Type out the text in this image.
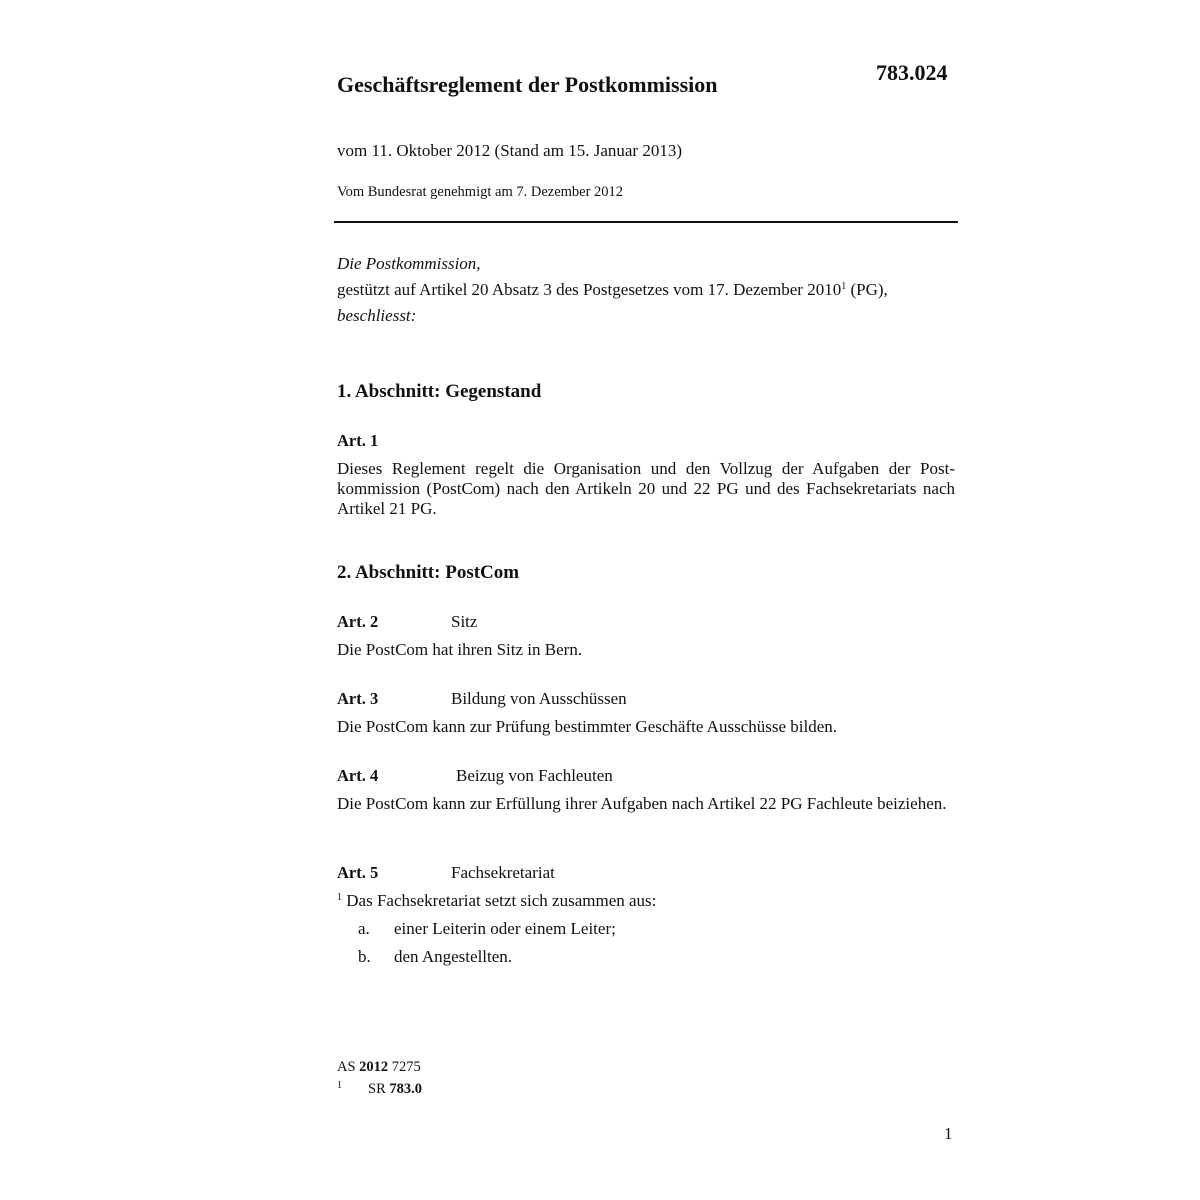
783.024
Geschäftsreglement der Postkommission
vom 11. Oktober 2012 (Stand am 15. Januar 2013)
Vom Bundesrat genehmigt am 7. Dezember 2012

Die Postkommission,

gestützt auf Artikel 20 Absatz 3 des Postgesetzes vom 17. Dezember 2010$^1$ (PG),

beschliesst:

1. Abschnitt: Gegenstand
Art. 1

Dieses Reglement regelt die Organisation und den Vollzug der Aufgaben der Post-kommission (PostCom) nach den Artikeln 20 und 22 PG und des Fachsekretariats nach Artikel 21 PG.

2. Abschnitt: PostCom
Art. 2	Sitz

Die PostCom hat ihren Sitz in Bern.

Art. 3	Bildung von Ausschüssen

Die PostCom kann zur Prüfung bestimmter Geschäfte Ausschüsse bilden.

Art. 4	Beizug von Fachleuten

Die PostCom kann zur Erfüllung ihrer Aufgaben nach Artikel 22 PG Fachleute beiziehen.

Art. 5	Fachsekretariat

$^1$ Das Fachsekretariat setzt sich zusammen aus:

a. einer Leiterin oder einem Leiter;
b. den Angestellten.
AS 2012 7275
$^1$ SR 783.0
1
